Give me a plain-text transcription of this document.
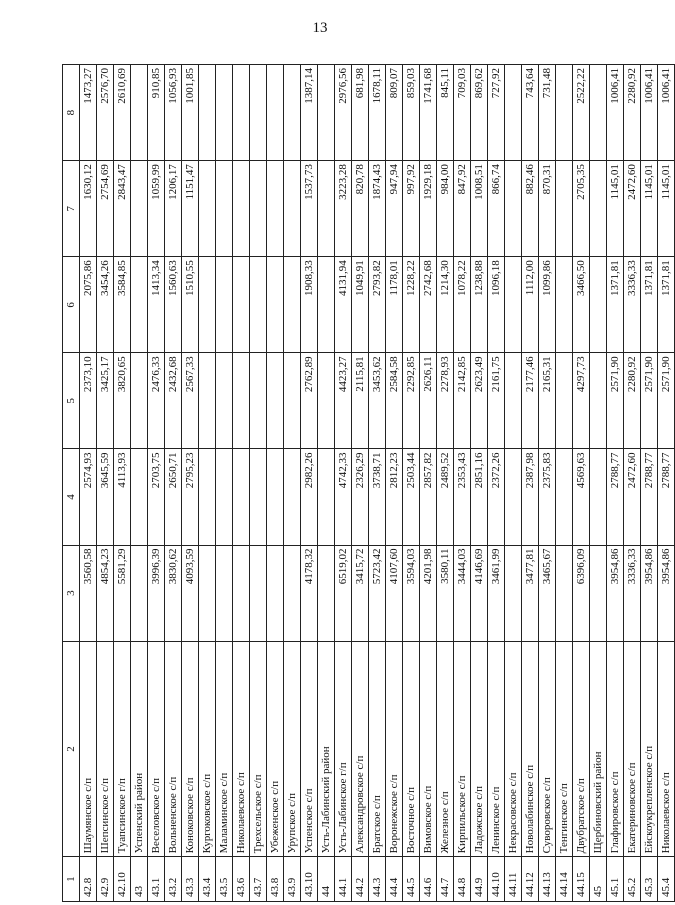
13
1	2	3	4	5	6	7	8
42.8	Шаумянское с/п	3560,58	2574,93	2373,10	2075,86	1630,12	1473,27
42.9	Шепсинское с/п	4854,23	3645,59	3425,17	3454,26	2754,69	2576,70
42.10	Туапсинское г/п	5581,29	4113,93	3820,65	3584,85	2843,47	2610,69
43	Успенский район						
43.1	Веселовское с/п	3996,39	2703,75	2476,33	1413,34	1059,99	910,85
43.2	Вольненское с/п	3830,62	2650,71	2432,68	1560,63	1206,17	1056,93
43.3	Коноковское с/п	4093,59	2795,23	2567,33	1510,55	1151,47	1001,85
43.4	Кургоковское с/п						
43.5	Маламинское с/п						
43.6	Николаевское с/п						
43.7	Трехсельское с/п						
43.8	Убеженское с/п						
43.9	Урупское с/п						
43.10	Успенское с/п	4178,32	2982,26	2762,89	1908,33	1537,73	1387,14
44	Усть-Лабинский район						
44.1	Усть-Лабинское г/п	6519,02	4742,33	4423,27	4131,94	3223,28	2976,56
44.2	Александровское с/п	3415,72	2326,29	2115,81	1049,91	820,78	681,98
44.3	Братское с/п	5723,42	3738,71	3453,62	2793,82	1874,43	1678,11
44.4	Воронежское с/п	4107,60	2812,23	2584,58	1178,01	947,94	809,07
44.5	Восточное с/п	3594,03	2503,44	2292,85	1228,22	997,92	859,03
44.6	Вимовское с/п	4201,98	2857,82	2626,11	2742,68	1929,18	1741,68
44.7	Железное с/п	3580,11	2489,52	2278,93	1214,30	984,00	845,11
44.8	Кирпильское с/п	3444,03	2353,43	2142,85	1078,22	847,92	709,03
44.9	Ладожское с/п	4146,69	2851,16	2623,49	1238,88	1008,51	869,62
44.10	Ленинское с/п	3461,99	2372,26	2161,75	1096,18	866,74	727,92
44.11	Некрасовское с/п						
44.12	Новолабинское с/п	3477,81	2387,98	2177,46	1112,00	882,46	743,64
44.13	Суворовское с/п	3465,67	2375,83	2165,31	1099,86	870,31	731,48
44.14	Тенгинское с/п						
44.15	Двубратское с/п	6396,09	4569,63	4297,73	3466,50	2705,35	2522,22
45	Щербиновский район						
45.1	Глафировское с/п	3954,86	2788,77	2571,90	1371,81	1145,01	1006,41
45.2	Екатериновское с/п	3336,33	2472,60	2280,92	3336,33	2472,60	2280,92
45.3	Ейскоукрепленское с/п	3954,86	2788,77	2571,90	1371,81	1145,01	1006,41
45.4	Николаевское с/п	3954,86	2788,77	2571,90	1371,81	1145,01	1006,41
